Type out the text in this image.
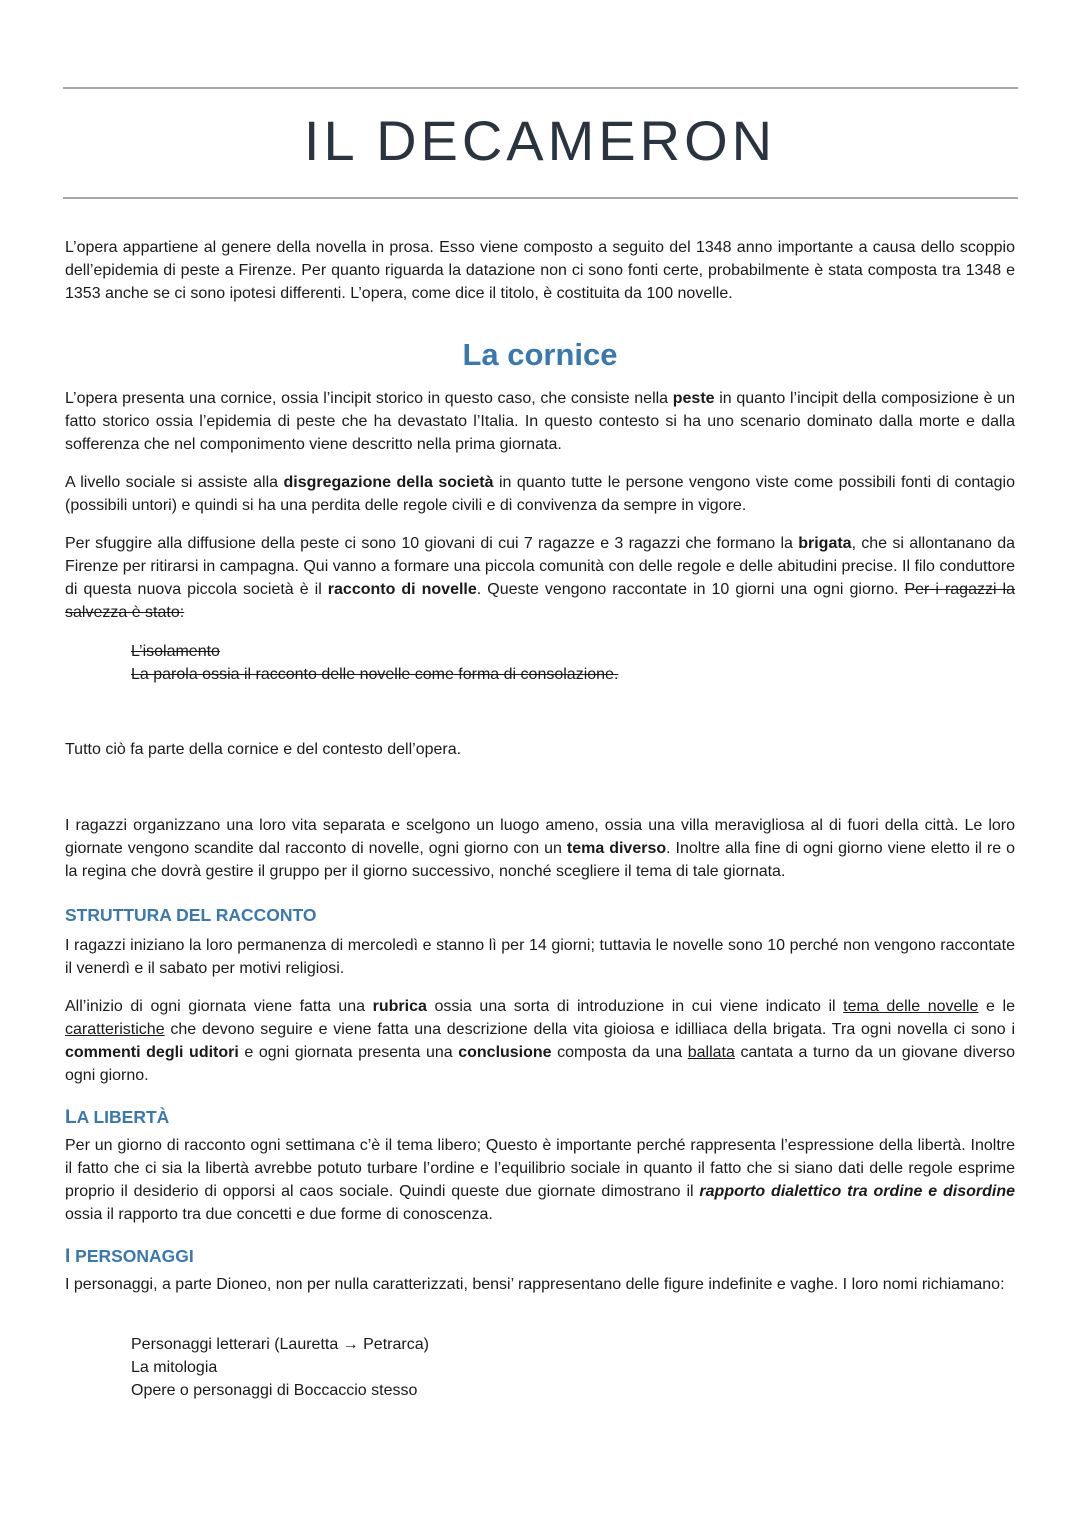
IL DECAMERON

L’opera appartiene al genere della novella in prosa. Esso viene composto a seguito del 1348 anno importante a causa dello scoppio dell’epidemia di peste a Firenze. Per quanto riguarda la datazione non ci sono fonti certe, probabilmente è stata composta tra 1348 e 1353 anche se ci sono ipotesi differenti. L’opera, come dice il titolo, è costituita da 100 novelle.

La cornice

L’opera presenta una cornice, ossia l’incipit storico in questo caso, che consiste nella peste in quanto l’incipit della composizione è un fatto storico ossia l’epidemia di peste che ha devastato l’Italia. In questo contesto si ha uno scenario dominato dalla morte e dalla sofferenza che nel componimento viene descritto nella prima giornata.

A livello sociale si assiste alla disgregazione della società in quanto tutte le persone vengono viste come possibili fonti di contagio (possibili untori) e quindi si ha una perdita delle regole civili e di convivenza da sempre in vigore.

Per sfuggire alla diffusione della peste ci sono 10 giovani di cui 7 ragazze e 3 ragazzi che formano la brigata, che si allontanano da Firenze per ritirarsi in campagna. Qui vanno a formare una piccola comunità con delle regole e delle abitudini precise. Il filo conduttore di questa nuova piccola società è il racconto di novelle. Queste vengono raccontate in 10 giorni una ogni giorno. Per i ragazzi la salvezza è stato:

L’isolamento

La parola ossia il racconto delle novelle come forma di consolazione.

Tutto ciò fa parte della cornice e del contesto dell’opera.

I ragazzi organizzano una loro vita separata e scelgono un luogo ameno, ossia una villa meravigliosa al di fuori della città. Le loro giornate vengono scandite dal racconto di novelle, ogni giorno con un tema diverso. Inoltre alla fine di ogni giorno viene eletto il re o la regina che dovrà gestire il gruppo per il giorno successivo, nonché scegliere il tema di tale giornata.

STRUTTURA DEL RACCONTO

I ragazzi iniziano la loro permanenza di mercoledì e stanno lì per 14 giorni; tuttavia le novelle sono 10 perché non vengono raccontate il venerdì e il sabato per motivi religiosi.

All’inizio di ogni giornata viene fatta una rubrica ossia una sorta di introduzione in cui viene indicato il tema delle novelle e le caratteristiche che devono seguire e viene fatta una descrizione della vita gioiosa e idilliaca della brigata. Tra ogni novella ci sono i commenti degli uditori e ogni giornata presenta una conclusione composta da una ballata cantata a turno da un giovane diverso ogni giorno.

LA LIBERTÀ

Per un giorno di racconto ogni settimana c’è il tema libero; Questo è importante perché rappresenta l’espressione della libertà. Inoltre il fatto che ci sia la libertà avrebbe potuto turbare l’ordine e l’equilibrio sociale in quanto il fatto che si siano dati delle regole esprime proprio il desiderio di opporsi al caos sociale. Quindi queste due giornate dimostrano il rapporto dialettico tra ordine e disordine ossia il rapporto tra due concetti e due forme di conoscenza.

I PERSONAGGI

I personaggi, a parte Dioneo, non per nulla caratterizzati, bensi’ rappresentano delle figure indefinite e vaghe. I loro nomi richiamano:

Personaggi letterari (Lauretta → Petrarca)

La mitologia

Opere o personaggi di Boccaccio stesso
